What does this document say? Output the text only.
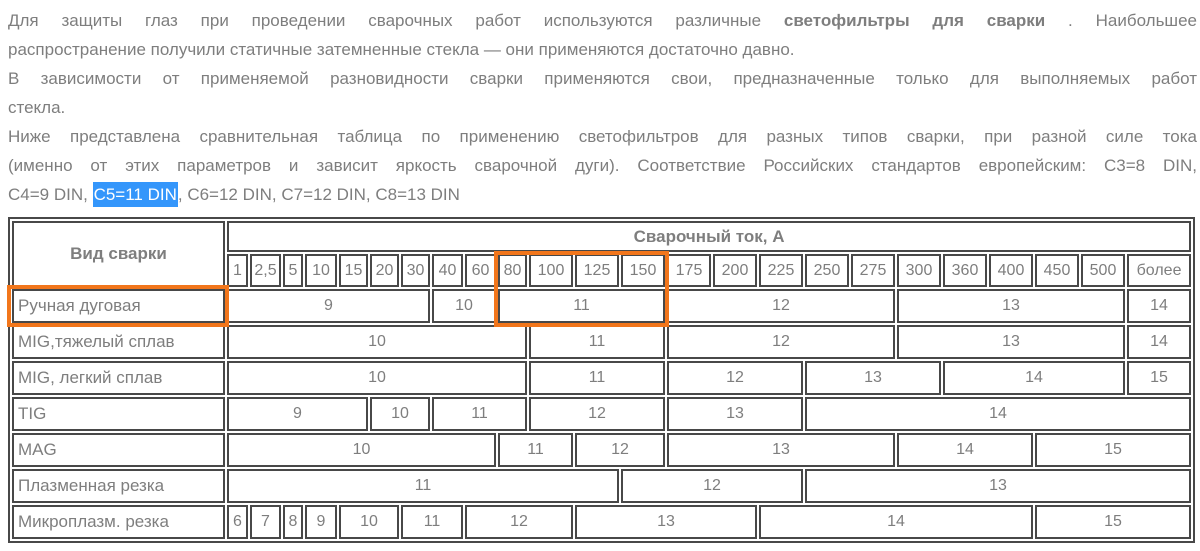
Для защиты глаз при проведении сварочных работ используются различные светофильтры для сварки . Наибольшее

распространение получили статичные затемненные стекла — они применяются достаточно давно.

В зависимости от применяемой разновидности сварки применяются свои, предназначенные только для выполняемых работ

стекла.

Ниже представлена сравнительная таблица по применению светофильтров для разных типов сварки, при разной силе тока

(именно от этих параметров и зависит яркость сварочной дуги). Соответствие Российских стандартов европейским: C3=8 DIN,

C4=9 DIN, C5=11 DIN, C6=12 DIN, C7=12 DIN, C8=13 DIN

Вид сварки	Сварочный ток, А																							
	1	2,5	5	10	15	20	30	40	60	80	100	125	150	175	200	225	250	275	300	360	400	450	500	более
Ручная дуговая	9							10		11				12					13					14
MIG,тяжелый сплав	10										11			12					13					14
MIG, легкий сплав	10										11			12			13			14				15
TIG	9					10		11			12			13			14							
MAG	10									11		12		13					14			15		
Плазменная резка	11												12				13							
Микроплазм. резка	6	7	8	9	10		11		12			13				14						15		
